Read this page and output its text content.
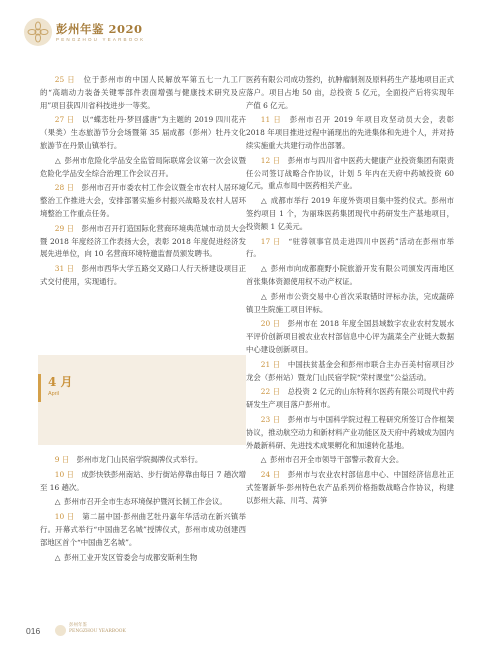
彭州年鉴 2020
PENGZHOU YEARBOOK

  25 日  位于彭州市的中国人民解放军第五七一九工厂的“高端动力装备关键零部件表面增强与健康技术研究及应用”项目获四川省科技进步一等奖。

  27 日  以“蝶恋牡丹·梦回盛唐”为主题的 2019 四川花卉（果类）生态旅游节分会场暨第 35 届成都（彭州）牡丹文化旅游节在丹景山镇举行。

  △  彭州市危险化学品安全监管局际联席会议第一次会议暨危险化学品安全综合治理工作会议召开。

  28 日  彭州市召开市委农村工作会议暨全市农村人居环境整治工作推进大会，安排部署实施乡村振兴战略及农村人居环境整治工作重点任务。

  29 日  彭州市召开打造国际化营商环境典范城市动员大会暨 2018 年度经济工作表扬大会，表彰 2018 年度促进经济发展先进单位，向 10 名营商环境特邀监督员颁发聘书。

  31 日  彭州市西华大学五路交叉路口人行天桥建设项目正式交付使用，实现通行。

4 月
April

  9 日  彭州市龙门山民宿学院揭牌仪式举行。

  10 日  成彭快铁彭州南站、步行街站停靠由每日 7 趟次增至 16 趟次。

  △  彭州市召开全市生态环境保护暨河长制工作会议。

  10 日  第二届中国·彭州曲艺牡丹嘉年华活动在新兴镇举行。开幕式举行“中国曲艺名城”授牌仪式，彭州市成功创建西部地区首个“中国曲艺名城”。

  △  彭州工业开发区管委会与成都安斯利生物

医药有限公司成功签约，抗肿瘤制剂及原料药生产基地项目正式落户。项目占地 50 亩，总投资 5 亿元，全面投产后将实现年产值 6 亿元。

  11 日  彭州市召开 2019 年项目攻坚动员大会，表彰 2018 年项目推进过程中涌现出的先进集体和先进个人，并对持续实施重大共建行动作出部署。

  12 日  彭州市与四川省中医药大健康产业投资集团有限责任公司签订战略合作协议，计划 5 年内在天府中药城投资 60 亿元，重点布局中医药相关产业。

  △  成都市举行 2019 年度外资项目集中签约仪式。彭州市签约项目 1 个，为丽珠医药集团现代中药研发生产基地项目，投资额 1 亿美元。

  17 日  “驻蓉领事官员走进四川中医药”活动在彭州市举行。

  △  彭州市向成都鹿野小院旅游开发有限公司颁发丙南地区首张集体资源使用权不动产权证。

  △  彭州市公资交易中心首次采取错时评标办法，完成蔬碎镇卫生院施工项目评标。

  20 日  彭州市在 2018 年度全国县域数字农业农村发展水平评价创新项目被农业农村部信息中心评为蔬菜全产业链大数据中心建设创新项目。

  21 日  中国扶贫基金会和彭州市联合主办百美村宿项目沙龙会（彭州站）暨龙门山民宿学院“荣村课堂”公益活动。

  22 日  总投资 2 亿元的山东特利尔医药有限公司现代中药研发生产项目落户彭州市。

  23 日  彭州市与中国科学院过程工程研究所签订合作框架协议，推动航空动力和新材料产业功能区及天府中药城成为国内外最新科研、先进技术成果孵化和加速转化基地。

  △  彭州市召开全市领导干部警示教育大会。

  24 日  彭州市与农业农村部信息中心、中国经济信息社正式签署新华·彭州特色农产品系列价格指数战略合作协议，构建以彭州大蒜、川芎、莴笋

016
彭州年鉴
PENGZHOU YEARBOOK
